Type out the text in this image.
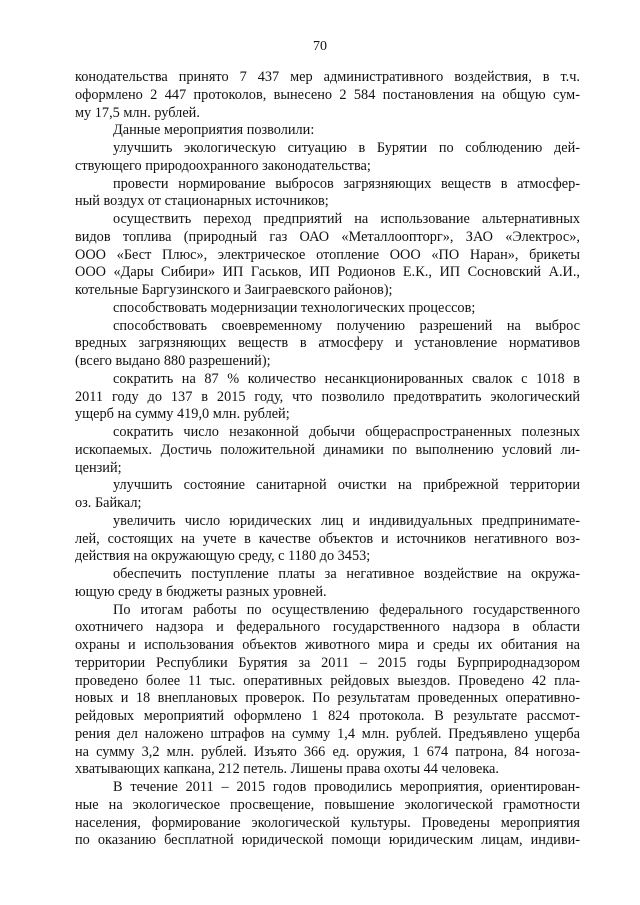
70
конодательства принято 7 437 мер административного воздействия, в т.ч.
оформлено 2 447 протоколов, вынесено 2 584 постановления на общую сум-
му 17,5 млн. рублей.
Данные мероприятия позволили:
улучшить экологическую ситуацию в Бурятии по соблюдению дей-
ствующего природоохранного законодательства;
провести нормирование выбросов загрязняющих веществ в атмосфер-
ный воздух от стационарных источников;
осуществить переход предприятий на использование альтернативных
видов топлива (природный газ ОАО «Металлоопторг», ЗАО «Электрос»,
ООО «Бест Плюс», электрическое отопление ООО «ПО Наран», брикеты
ООО «Дары Сибири» ИП Гаськов, ИП Родионов Е.К., ИП Сосновский А.И.,
котельные Баргузинского и Заиграевского районов);
способствовать модернизации технологических процессов;
способствовать своевременному получению разрешений на выброс
вредных загрязняющих веществ в атмосферу и установление нормативов
(всего выдано 880 разрешений);
сократить на 87 % количество несанкционированных свалок с 1018 в
2011 году до 137 в 2015 году, что позволило предотвратить экологический
ущерб на сумму 419,0 млн. рублей;
сократить число незаконной добычи общераспространенных полезных
ископаемых. Достичь положительной динамики по выполнению условий ли-
цензий;
улучшить состояние санитарной очистки на прибрежной территории
оз. Байкал;
увеличить число юридических лиц и индивидуальных предпринимате-
лей, состоящих на учете в качестве объектов и источников негативного воз-
действия на окружающую среду, с 1180 до 3453;
обеспечить поступление платы за негативное воздействие на окружа-
ющую среду в бюджеты разных уровней.
По итогам работы по осуществлению федерального государственного
охотничего надзора и федерального государственного надзора в области
охраны и использования объектов животного мира и среды их обитания на
территории Республики Бурятия за 2011 – 2015 годы Бурприроднадзором
проведено более 11 тыс. оперативных рейдовых выездов. Проведено 42 пла-
новых и 18 внеплановых проверок. По результатам проведенных оперативно-
рейдовых мероприятий оформлено 1 824 протокола. В результате рассмот-
рения дел наложено штрафов на сумму 1,4 млн. рублей. Предъявлено ущерба
на сумму 3,2 млн. рублей. Изъято 366 ед. оружия, 1 674 патрона, 84 ногоза-
хватывающих капкана, 212 петель. Лишены права охоты 44 человека.
В течение 2011 – 2015 годов проводились мероприятия, ориентирован-
ные на экологическое просвещение, повышение экологической грамотности
населения, формирование экологической культуры. Проведены мероприятия
по оказанию бесплатной юридической помощи юридическим лицам, индиви-
